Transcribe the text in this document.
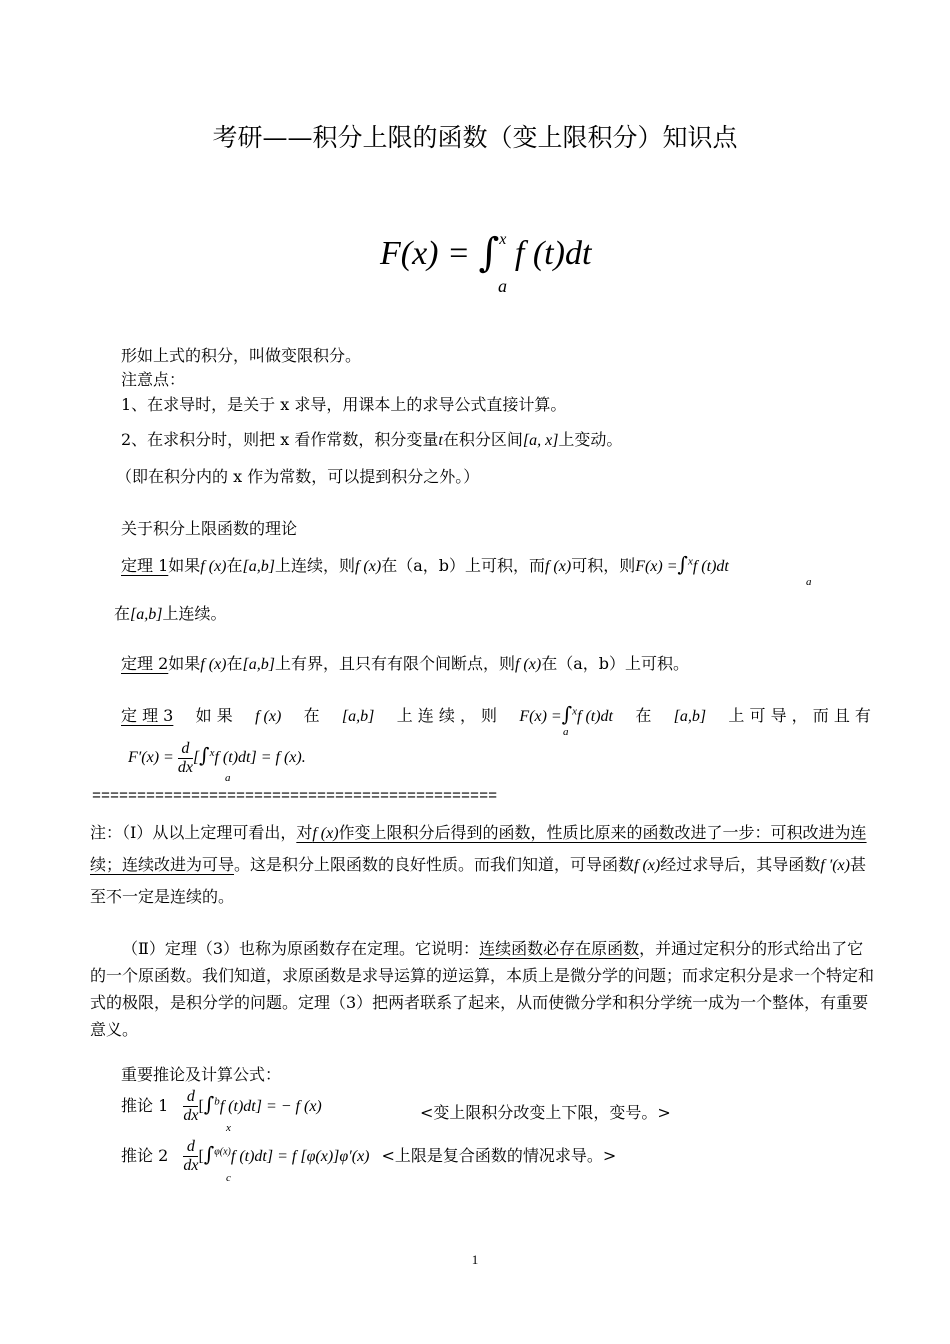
考研——积分上限的函数（变上限积分）知识点
F(x) = ∫$^x$ f (t)dt
a
形如上式的积分，叫做变限积分。
注意点：
1、在求导时，是关于 x 求导，用课本上的求导公式直接计算。
2、在求积分时，则把 x 看作常数，积分变量t在积分区间[a, x]上变动。
（即在积分内的 x 作为常数，可以提到积分之外。）
关于积分上限函数的理论
定理 1如果f (x)在[a,b]上连续，则f (x)在（a，b）上可积，而f (x)可积，则F(x) =∫$^x$f (t)dt
a
在[a,b]上连续。
定理 2如果f (x)在[a,b]上有界，且只有有限个间断点，则f (x)在（a，b）上可积。
定 理 3 如 果 f (x) 在 [a,b] 上 连 续 ， 则 F(x) =∫$^x$f (t)dt 在 [a,b] 上 可 导 ， 而 且 有
a
$F'(x) = \frac{d}{dx} [\int^xf$ (t)dt] = f (x).
a
=============================================
注：（Ⅰ）从以上定理可看出，对f (x)作变上限积分后得到的函数，性质比原来的函数改进了一步：可积改进为连续；连续改进为可导。这是积分上限函数的良好性质。而我们知道，可导函数f (x)经过求导后，其导函数f ′(x)甚至不一定是连续的。
（Ⅱ）定理（3）也称为原函数存在定理。它说明：连续函数必存在原函数，并通过定积分的形式给出了它的一个原函数。我们知道，求原函数是求导运算的逆运算，本质上是微分学的问题；而求定积分是求一个特定和式的极限，是积分学的问题。定理（3）把两者联系了起来，从而使微分学和积分学统一成为一个整体，有重要意义。
重要推论及计算公式：
推论 $1 \frac{d}{dx} [\int^bf$ (t)dt] = − f (x)
x
<变上限积分改变上下限，变号。>
推论 $2 \frac{d}{dx} [\int^{\varphi(x)}f$ (t)dt] = f [φ(x)]φ′(x) <上限是复合函数的情况求导。>
c
1
